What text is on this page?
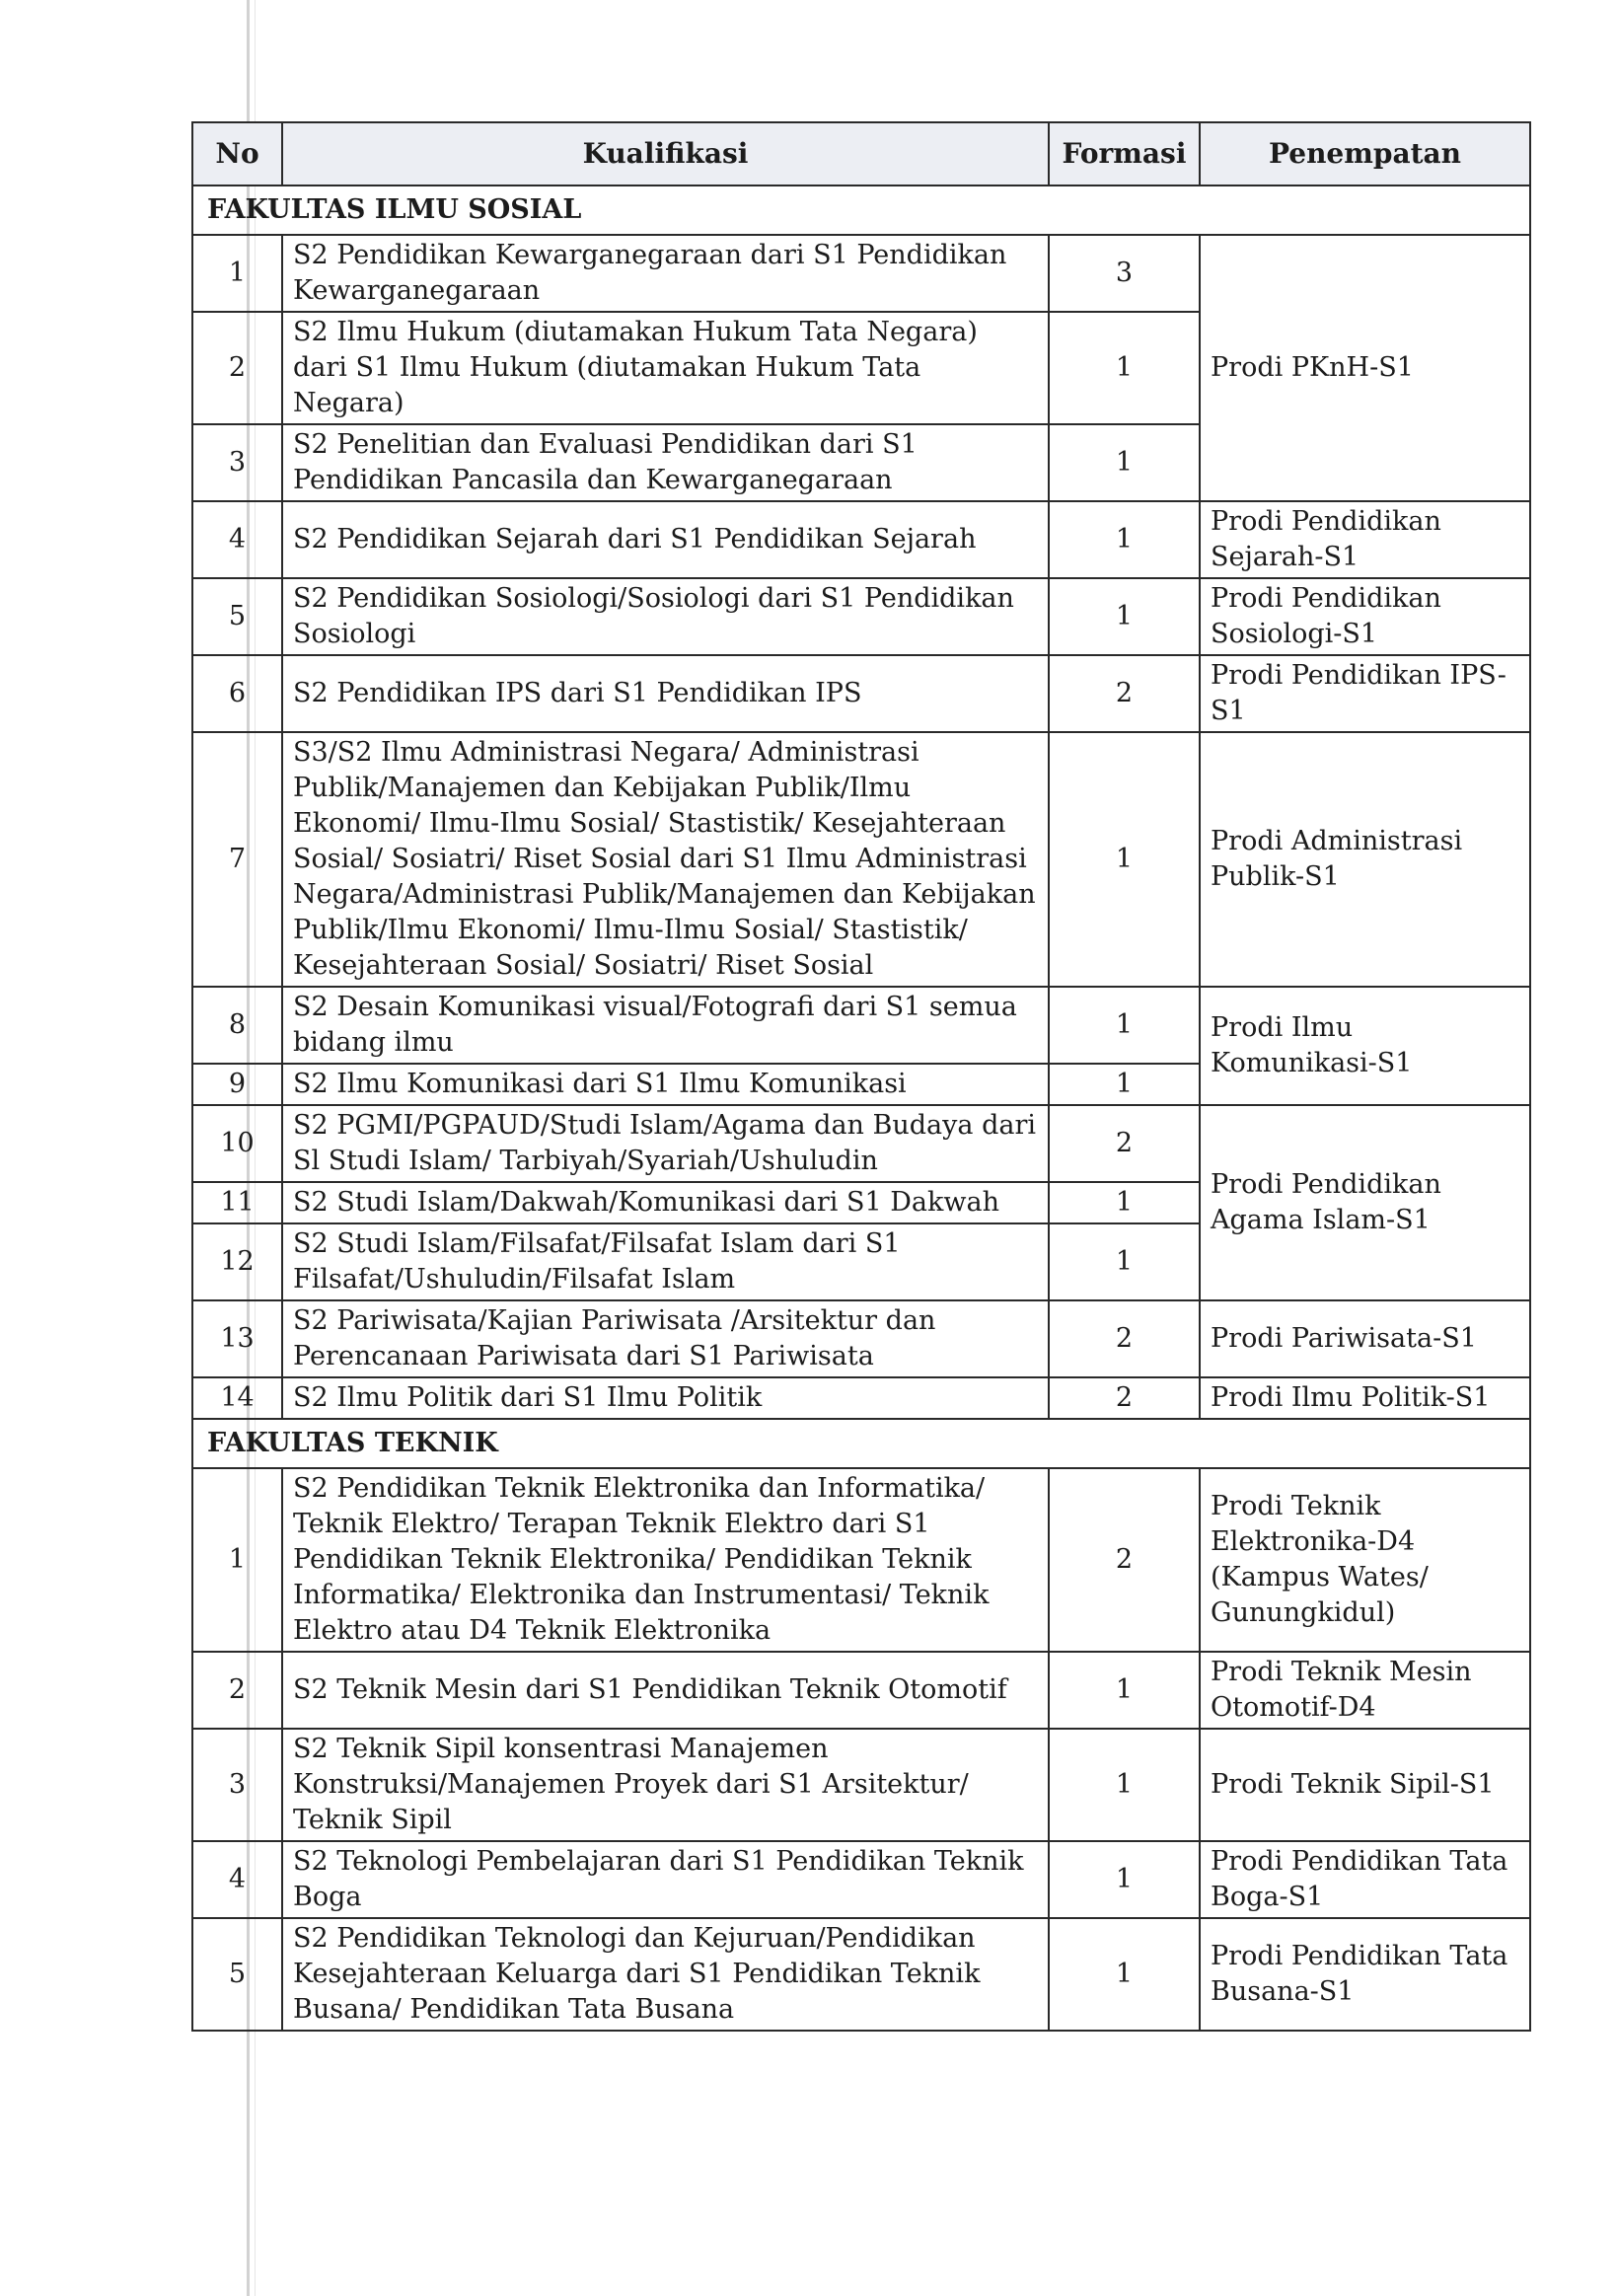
No	Kualifikasi	Formasi	Penempatan
FAKULTAS ILMU SOSIAL			
1	S2 Pendidikan Kewarganegaraan dari S1 Pendidikan Kewarganegaraan	3	Prodi PKnH-S1
2	S2 Ilmu Hukum (diutamakan Hukum Tata Negara) dari S1 Ilmu Hukum (diutamakan Hukum Tata Negara)	1	
3	S2 Penelitian dan Evaluasi Pendidikan dari S1 Pendidikan Pancasila dan Kewarganegaraan	1	
4	S2 Pendidikan Sejarah dari S1 Pendidikan Sejarah	1	Prodi Pendidikan Sejarah-S1
5	S2 Pendidikan Sosiologi/Sosiologi dari S1 Pendidikan Sosiologi	1	Prodi Pendidikan Sosiologi-S1
6	S2 Pendidikan IPS dari S1 Pendidikan IPS	2	Prodi Pendidikan IPS-S1
7	S3/S2 Ilmu Administrasi Negara/ Administrasi Publik/Manajemen dan Kebijakan Publik/Ilmu Ekonomi/ Ilmu-Ilmu Sosial/ Stastistik/ Kesejahteraan Sosial/ Sosiatri/ Riset Sosial dari S1 Ilmu Administrasi Negara/Administrasi Publik/Manajemen dan Kebijakan Publik/Ilmu Ekonomi/ Ilmu-Ilmu Sosial/ Stastistik/ Kesejahteraan Sosial/ Sosiatri/ Riset Sosial	1	Prodi Administrasi Publik-S1
8	S2 Desain Komunikasi visual/Fotografi dari S1 semua bidang ilmu	1	Prodi Ilmu Komunikasi-S1
9	S2 Ilmu Komunikasi dari S1 Ilmu Komunikasi	1	
10	S2 PGMI/PGPAUD/Studi Islam/Agama dan Budaya dari Sl Studi Islam/ Tarbiyah/Syariah/Ushuludin	2	Prodi Pendidikan Agama Islam-S1
11	S2 Studi Islam/Dakwah/Komunikasi dari S1 Dakwah	1	
12	S2 Studi Islam/Filsafat/Filsafat Islam dari S1 Filsafat/Ushuludin/Filsafat Islam	1	
13	S2 Pariwisata/Kajian Pariwisata /Arsitektur dan Perencanaan Pariwisata dari S1 Pariwisata	2	Prodi Pariwisata-S1
14	S2 Ilmu Politik dari S1 Ilmu Politik	2	Prodi Ilmu Politik-S1
FAKULTAS TEKNIK			
1	S2 Pendidikan Teknik Elektronika dan Informatika/ Teknik Elektro/ Terapan Teknik Elektro dari S1 Pendidikan Teknik Elektronika/ Pendidikan Teknik Informatika/ Elektronika dan Instrumentasi/ Teknik Elektro atau D4 Teknik Elektronika	2	Prodi Teknik Elektronika-D4 (Kampus Wates/ Gunungkidul)
2	S2 Teknik Mesin dari S1 Pendidikan Teknik Otomotif	1	Prodi Teknik Mesin Otomotif-D4
3	S2 Teknik Sipil konsentrasi Manajemen Konstruksi/Manajemen Proyek dari S1 Arsitektur/ Teknik Sipil	1	Prodi Teknik Sipil-S1
4	S2 Teknologi Pembelajaran dari S1 Pendidikan Teknik Boga	1	Prodi Pendidikan Tata Boga-S1
5	S2 Pendidikan Teknologi dan Kejuruan/Pendidikan Kesejahteraan Keluarga dari S1 Pendidikan Teknik Busana/ Pendidikan Tata Busana	1	Prodi Pendidikan Tata Busana-S1
